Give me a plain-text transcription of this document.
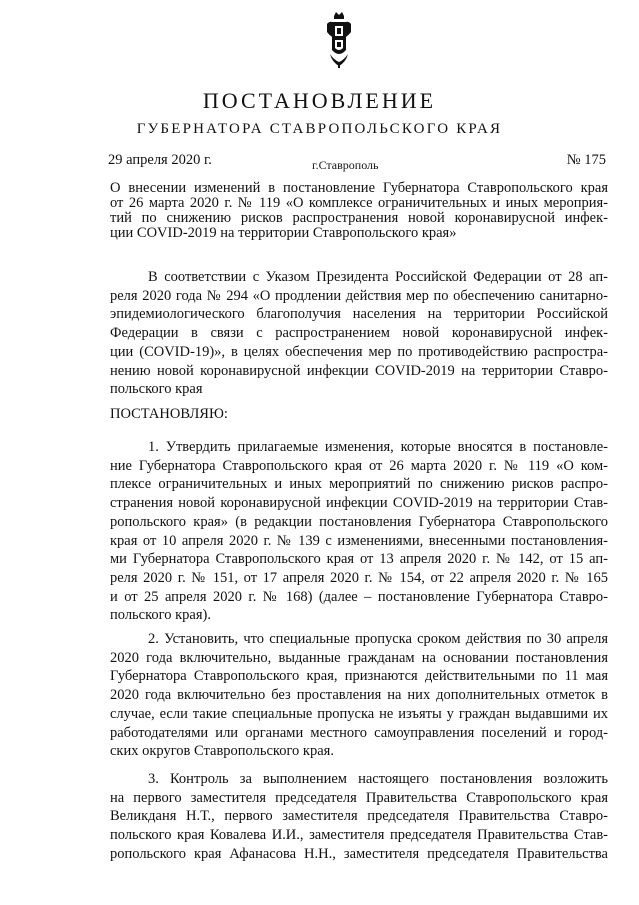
ПОСТАНОВЛЕНИЕ
ГУБЕРНАТОРА СТАВРОПОЛЬСКОГО КРАЯ
29 апреля 2020 г.	г.Ставрополь	№ 175
О внесении изменений в постановление Губернатора Ставропольского края
от 26 марта 2020 г. № 119 «О комплексе ограничительных и иных мероприя-
тий по снижению рисков распространения новой коронавирусной инфек-
ции COVID-2019 на территории Ставропольского края»
В соответствии с Указом Президента Российской Федерации от 28 ап-
реля 2020 года № 294 «О продлении действия мер по обеспечению санитарно-
эпидемиологического благополучия населения на территории Российской
Федерации в связи с распространением новой коронавирусной инфек-
ции (COVID-19)», в целях обеспечения мер по противодействию распростра-
нению новой коронавирусной инфекции COVID-2019 на территории Ставро-
польского края
ПОСТАНОВЛЯЮ:
1. Утвердить прилагаемые изменения, которые вносятся в постановле-
ние Губернатора Ставропольского края от 26 марта 2020 г. № 119 «О ком-
плексе ограничительных и иных мероприятий по снижению рисков распро-
странения новой коронавирусной инфекции COVID-2019 на территории Став-
ропольского края» (в редакции постановления Губернатора Ставропольского
края от 10 апреля 2020 г. № 139 с изменениями, внесенными постановления-
ми Губернатора Ставропольского края от 13 апреля 2020 г. № 142, от 15 ап-
реля 2020 г. № 151, от 17 апреля 2020 г. № 154, от 22 апреля 2020 г. № 165
и от 25 апреля 2020 г. № 168) (далее – постановление Губернатора Ставро-
польского края).
2. Установить, что специальные пропуска сроком действия по 30 апреля
2020 года включительно, выданные гражданам на основании постановления
Губернатора Ставропольского края, признаются действительными по 11 мая
2020 года включительно без проставления на них дополнительных отметок в
случае, если такие специальные пропуска не изъяты у граждан выдавшими их
работодателями или органами местного самоуправления поселений и город-
ских округов Ставропольского края.
3. Контроль за выполнением настоящего постановления возложить
на первого заместителя председателя Правительства Ставропольского края
Великданя Н.Т., первого заместителя председателя Правительства Ставро-
польского края Ковалева И.И., заместителя председателя Правительства Став-
ропольского края Афанасова Н.Н., заместителя председателя Правительства
